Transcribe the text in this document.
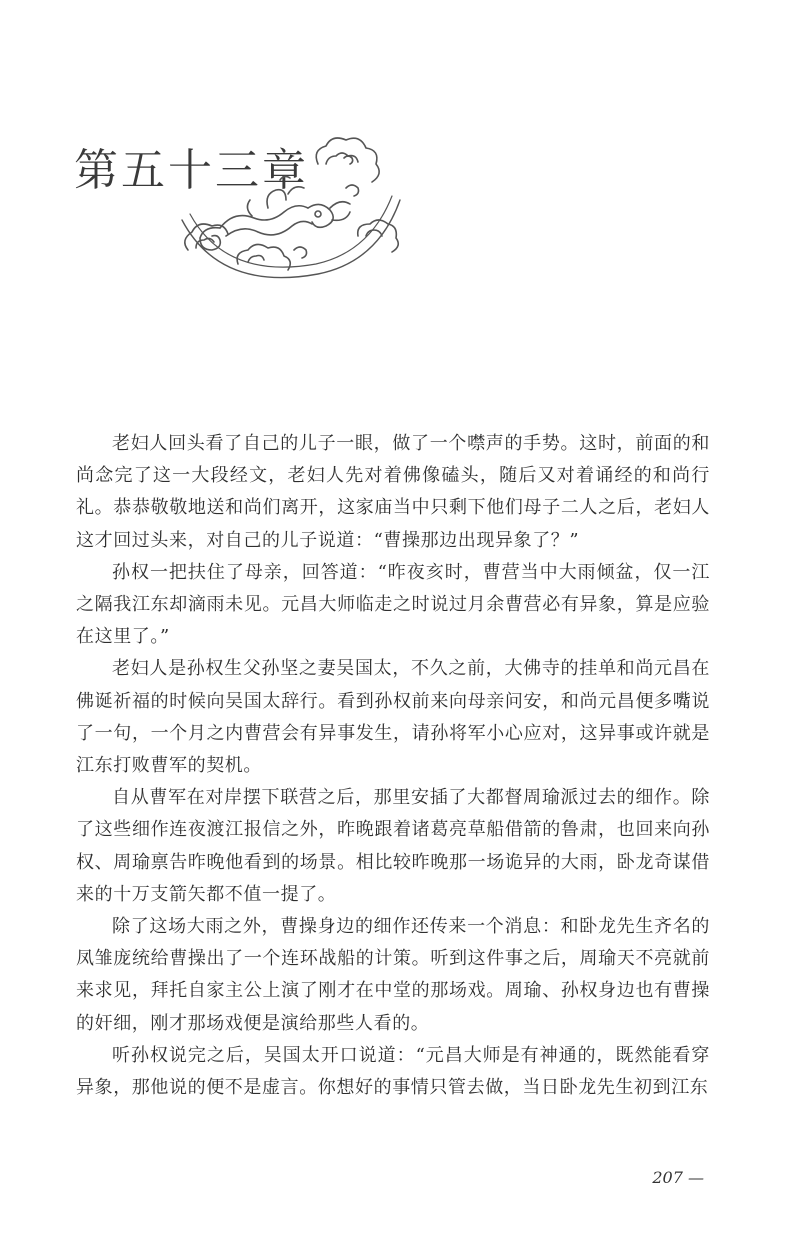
第五十三章

老妇人回头看了自己的儿子一眼，做了一个噤声的手势。这时，前面的和尚念完了这一大段经文，老妇人先对着佛像磕头，随后又对着诵经的和尚行礼。恭恭敬敬地送和尚们离开，这家庙当中只剩下他们母子二人之后，老妇人这才回过头来，对自己的儿子说道：“曹操那边出现异象了？”

孙权一把扶住了母亲，回答道：“昨夜亥时，曹营当中大雨倾盆，仅一江之隔我江东却滴雨未见。元昌大师临走之时说过月余曹营必有异象，算是应验在这里了。”

老妇人是孙权生父孙坚之妻吴国太，不久之前，大佛寺的挂单和尚元昌在佛诞祈福的时候向吴国太辞行。看到孙权前来向母亲问安，和尚元昌便多嘴说了一句，一个月之内曹营会有异事发生，请孙将军小心应对，这异事或许就是江东打败曹军的契机。

自从曹军在对岸摆下联营之后，那里安插了大都督周瑜派过去的细作。除了这些细作连夜渡江报信之外，昨晚跟着诸葛亮草船借箭的鲁肃，也回来向孙权、周瑜禀告昨晚他看到的场景。相比较昨晚那一场诡异的大雨，卧龙奇谋借来的十万支箭矢都不值一提了。

除了这场大雨之外，曹操身边的细作还传来一个消息：和卧龙先生齐名的凤雏庞统给曹操出了一个连环战船的计策。听到这件事之后，周瑜天不亮就前来求见，拜托自家主公上演了刚才在中堂的那场戏。周瑜、孙权身边也有曹操的奸细，刚才那场戏便是演给那些人看的。

听孙权说完之后，吴国太开口说道：“元昌大师是有神通的，既然能看穿异象，那他说的便不是虚言。你想好的事情只管去做，当日卧龙先生初到江东

207 —
